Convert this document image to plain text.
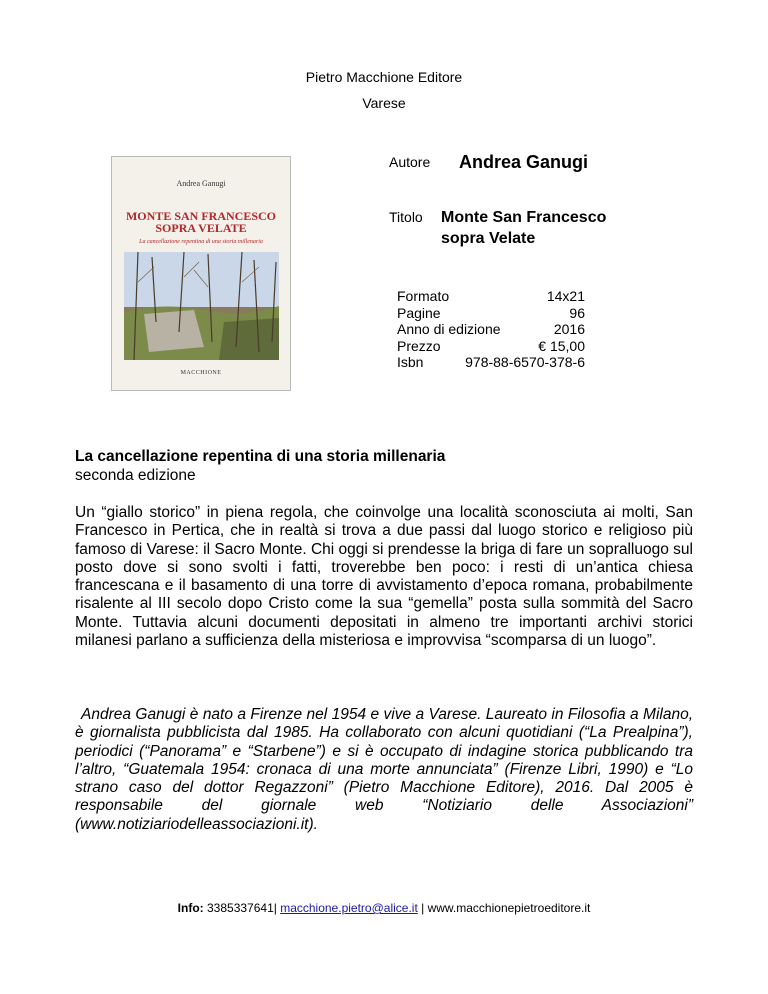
Pietro Macchione Editore
Varese
Andrea Ganugi
MONTE SAN FRANCESCO
SOPRA VELATE
La cancellazione repentina di una storia millenaria
MACCHIONE
Autore Andrea Ganugi
Titolo Monte San Francesco
sopra Velate
Formato	14x21
Pagine	96
Anno di edizione	2016
Prezzo	€ 15,00
Isbn	978-88-6570-378-6
La cancellazione repentina di una storia millenaria
seconda edizione
Un “giallo storico” in piena regola, che coinvolge una località sconosciuta ai molti, San Francesco in Pertica, che in realtà si trova a due passi dal luogo storico e religioso più famoso di Varese: il Sacro Monte. Chi oggi si prendesse la briga di fare un sopralluogo sul posto dove si sono svolti i fatti, troverebbe ben poco: i resti di un’antica chiesa francescana e il basamento di una torre di avvistamento d’epoca romana, probabilmente risalente al III secolo dopo Cristo come la sua “gemella” posta sulla sommità del Sacro Monte. Tuttavia alcuni documenti depositati in almeno tre importanti archivi storici milanesi parlano a sufficienza della misteriosa e improvvisa “scomparsa di un luogo”.
Andrea Ganugi è nato a Firenze nel 1954 e vive a Varese. Laureato in Filosofia a Milano, è giornalista pubblicista dal 1985. Ha collaborato con alcuni quotidiani (“La Prealpina”), periodici (“Panorama” e “Starbene”) e si è occupato di indagine storica pubblicando tra l’altro, “Guatemala 1954: cronaca di una morte annunciata” (Firenze Libri, 1990) e “Lo strano caso del dottor Regazzoni” (Pietro Macchione Editore), 2016. Dal 2005 è responsabile del giornale web “Notiziario delle Associazioni” (www.notiziariodelleassociazioni.it).
Info: 3385337641| macchione.pietro@alice.it | www.macchionepietroeditore.it
